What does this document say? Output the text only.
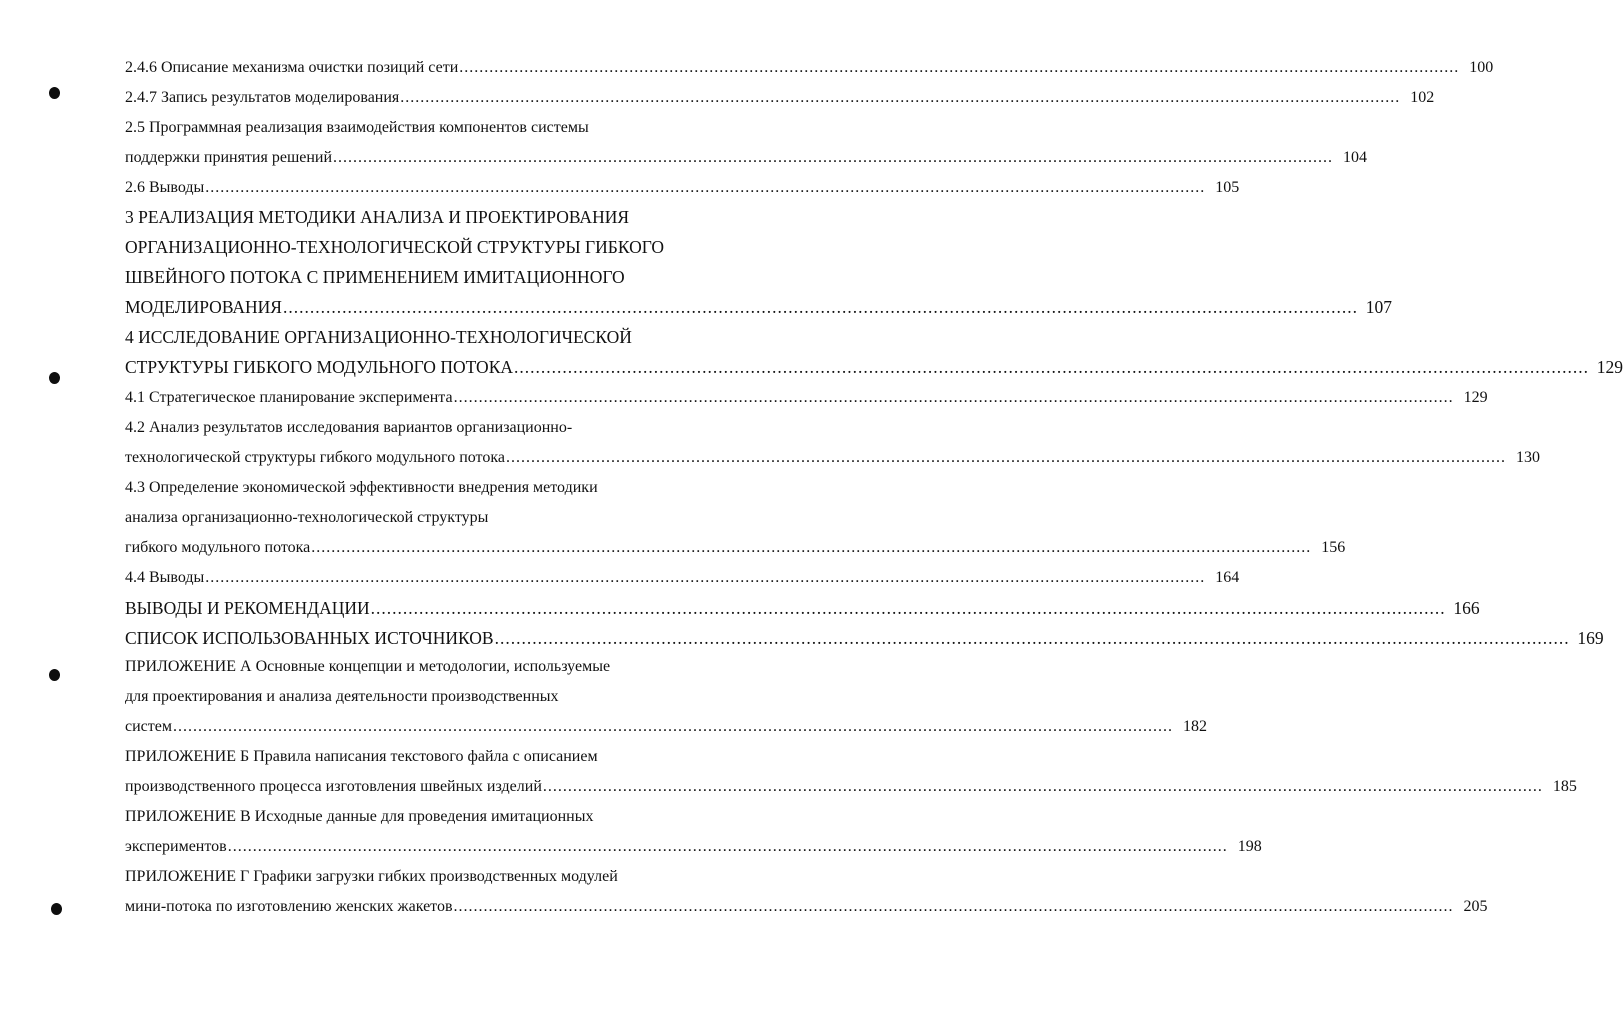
2.4.6 Описание механизма очистки позиций сети ........................................................................................................................................................................................................ 100
2.4.7 Запись результатов моделирования ........................................................................................................................................................................................................ 102
2.5 Программная реализация взаимодействия компонентов системы
поддержки принятия решений ........................................................................................................................................................................................................ 104
2.6 Выводы ........................................................................................................................................................................................................ 105
3 РЕАЛИЗАЦИЯ МЕТОДИКИ АНАЛИЗА И ПРОЕКТИРОВАНИЯ
ОРГАНИЗАЦИОННО-ТЕХНОЛОГИЧЕСКОЙ СТРУКТУРЫ ГИБКОГО
ШВЕЙНОГО ПОТОКА С ПРИМЕНЕНИЕМ ИМИТАЦИОННОГО
МОДЕЛИРОВАНИЯ ........................................................................................................................................................................................................ 107
4 ИССЛЕДОВАНИЕ ОРГАНИЗАЦИОННО-ТЕХНОЛОГИЧЕСКОЙ
СТРУКТУРЫ ГИБКОГО МОДУЛЬНОГО ПОТОКА ........................................................................................................................................................................................................ 129
4.1 Стратегическое планирование эксперимента ........................................................................................................................................................................................................ 129
4.2 Анализ результатов исследования вариантов организационно-
технологической структуры гибкого модульного потока ........................................................................................................................................................................................................ 130
4.3 Определение экономической эффективности внедрения методики
анализа организационно-технологической структуры
гибкого модульного потока ........................................................................................................................................................................................................ 156
4.4 Выводы ........................................................................................................................................................................................................ 164
ВЫВОДЫ И РЕКОМЕНДАЦИИ ........................................................................................................................................................................................................ 166
СПИСОК ИСПОЛЬЗОВАННЫХ ИСТОЧНИКОВ ........................................................................................................................................................................................................ 169
ПРИЛОЖЕНИЕ А Основные концепции и методологии, используемые
для проектирования и анализа деятельности производственных
систем ........................................................................................................................................................................................................ 182
ПРИЛОЖЕНИЕ Б Правила написания текстового файла с описанием
производственного процесса изготовления швейных изделий ........................................................................................................................................................................................................ 185
ПРИЛОЖЕНИЕ В Исходные данные для проведения имитационных
экспериментов ........................................................................................................................................................................................................ 198
ПРИЛОЖЕНИЕ Г Графики загрузки гибких производственных модулей
мини-потока по изготовлению женских жакетов ........................................................................................................................................................................................................ 205
